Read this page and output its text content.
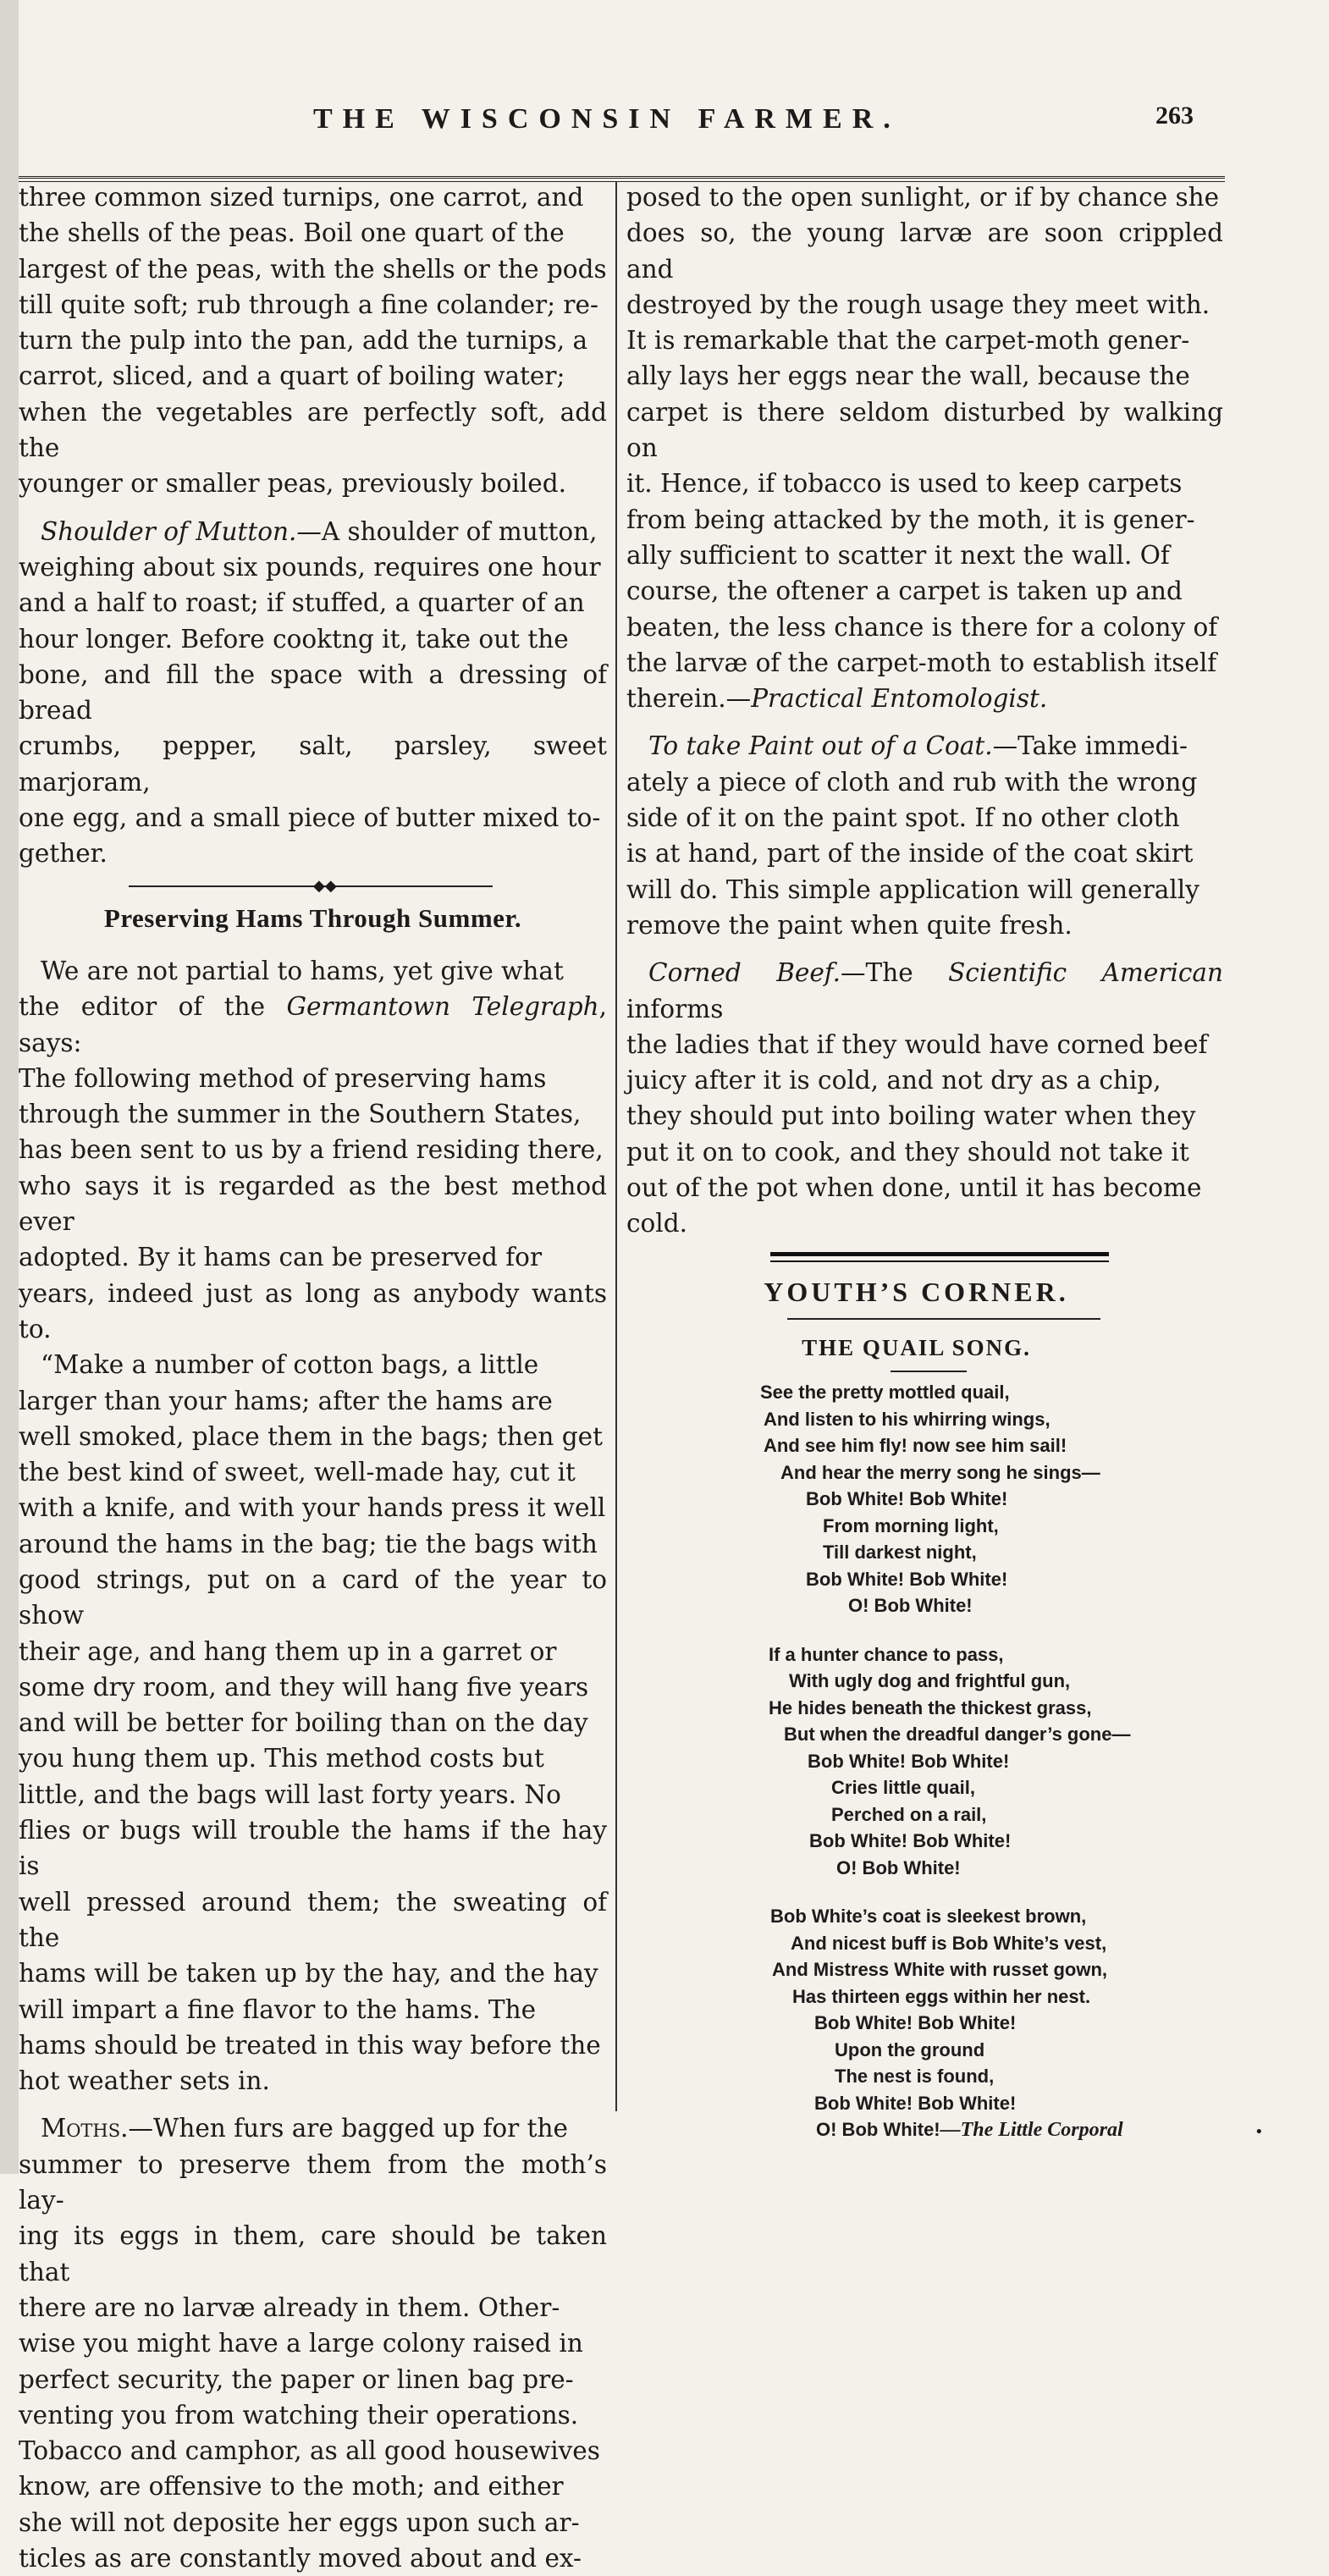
THE WISCONSIN FARMER.	263

three common sized turnips, one carrot, and

the shells of the peas. Boil one quart of the

largest of the peas, with the shells or the pods

till quite soft; rub through a fine colander; re-

turn the pulp into the pan, add the turnips, a

carrot, sliced, and a quart of boiling water;

when the vegetables are perfectly soft, add the

younger or smaller peas, previously boiled.

Shoulder of Mutton.—A shoulder of mutton,

weighing about six pounds, requires one hour

and a half to roast; if stuffed, a quarter of an

hour longer. Before cooktng it, take out the

bone, and fill the space with a dressing of bread

crumbs, pepper, salt, parsley, sweet marjoram,

one egg, and a small piece of butter mixed to-

gether.

◆◆
Preserving Hams Through Summer.

We are not partial to hams, yet give what

the editor of the Germantown Telegraph, says:

The following method of preserving hams

through the summer in the Southern States,

has been sent to us by a friend residing there,

who says it is regarded as the best method ever

adopted. By it hams can be preserved for

years, indeed just as long as anybody wants to.

“Make a number of cotton bags, a little

larger than your hams; after the hams are

well smoked, place them in the bags; then get

the best kind of sweet, well-made hay, cut it

with a knife, and with your hands press it well

around the hams in the bag; tie the bags with

good strings, put on a card of the year to show

their age, and hang them up in a garret or

some dry room, and they will hang five years

and will be better for boiling than on the day

you hung them up. This method costs but

little, and the bags will last forty years. No

flies or bugs will trouble the hams if the hay is

well pressed around them; the sweating of the

hams will be taken up by the hay, and the hay

will impart a fine flavor to the hams. The

hams should be treated in this way before the

hot weather sets in.

Moths.—When furs are bagged up for the

summer to preserve them from the moth’s lay-

ing its eggs in them, care should be taken that

there are no larvæ already in them. Other-

wise you might have a large colony raised in

perfect security, the paper or linen bag pre-

venting you from watching their operations.

Tobacco and camphor, as all good housewives

know, are offensive to the moth; and either

she will not deposite her eggs upon such ar-

ticles as are constantly moved about and ex-

posed to the open sunlight, or if by chance she

does so, the young larvæ are soon crippled and

destroyed by the rough usage they meet with.

It is remarkable that the carpet-moth gener-

ally lays her eggs near the wall, because the

carpet is there seldom disturbed by walking on

it. Hence, if tobacco is used to keep carpets

from being attacked by the moth, it is gener-

ally sufficient to scatter it next the wall. Of

course, the oftener a carpet is taken up and

beaten, the less chance is there for a colony of

the larvæ of the carpet-moth to establish itself

therein.—Practical Entomologist.

To take Paint out of a Coat.—Take immedi-

ately a piece of cloth and rub with the wrong

side of it on the paint spot. If no other cloth

is at hand, part of the inside of the coat skirt

will do. This simple application will generally

remove the paint when quite fresh.

Corned Beef.—The Scientific American informs

the ladies that if they would have corned beef

juicy after it is cold, and not dry as a chip,

they should put into boiling water when they

put it on to cook, and they should not take it

out of the pot when done, until it has become

cold.

YOUTH’S CORNER.
THE QUAIL SONG.
See the pretty mottled quail,
And listen to his whirring wings,
And see him fly! now see him sail!
And hear the merry song he sings—
Bob White! Bob White!
From morning light,
Till darkest night,
Bob White! Bob White!
O! Bob White!
If a hunter chance to pass,
With ugly dog and frightful gun,
He hides beneath the thickest grass,
But when the dreadful danger’s gone—
Bob White! Bob White!
Cries little quail,
Perched on a rail,
Bob White! Bob White!
O! Bob White!
Bob White’s coat is sleekest brown,
And nicest buff is Bob White’s vest,
And Mistress White with russet gown,
Has thirteen eggs within her nest.
Bob White! Bob White!
Upon the ground
The nest is found,
Bob White! Bob White!
O! Bob White!—The Little Corporal	•
